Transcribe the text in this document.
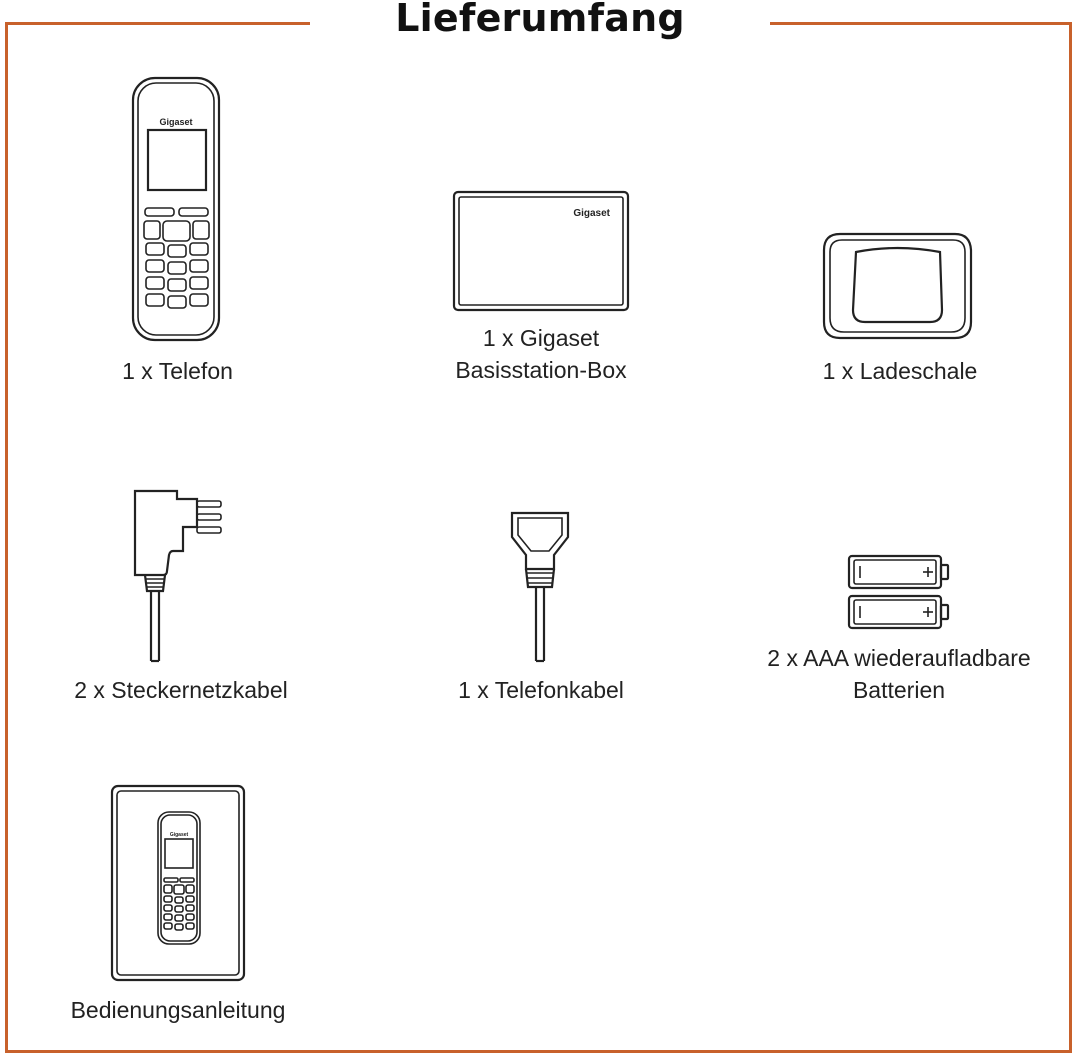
Lieferumfang
Gigaset
1 x Telefon
Gigaset
1 x Gigaset
Basisstation-Box	1 x Ladeschale
2 x Steckernetzkabel	1 x Telefonkabel
2 x AAA wiederaufladbare
Batterien
Gigaset
Bedienungsanleitung
